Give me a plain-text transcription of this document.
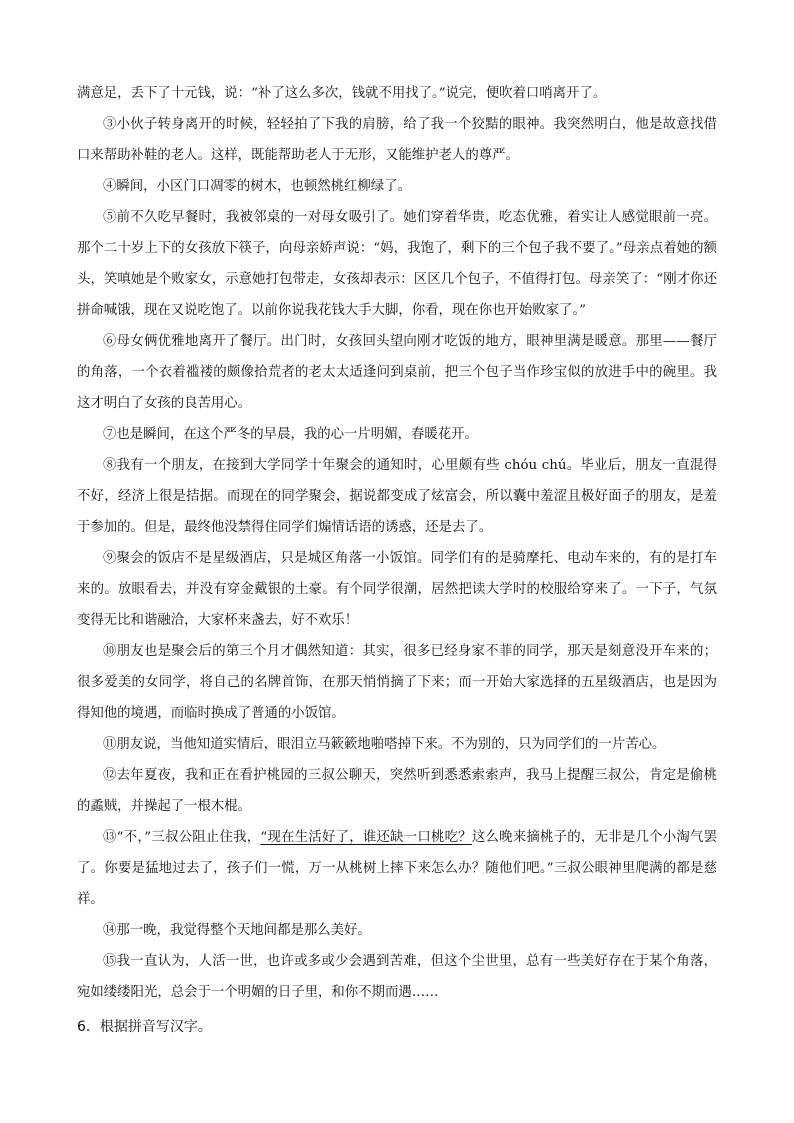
满意足，丢下了十元钱，说：“补了这么多次，钱就不用找了。”说完，便吹着口哨离开了。

③小伙子转身离开的时候，轻轻拍了下我的肩膀，给了我一个狡黠的眼神。我突然明白，他是故意找借口来帮助补鞋的老人。这样，既能帮助老人于无形，又能维护老人的尊严。

④瞬间，小区门口凋零的树木，也顿然桃红柳绿了。

⑤前不久吃早餐时，我被邻桌的一对母女吸引了。她们穿着华贵，吃态优雅，着实让人感觉眼前一亮。那个二十岁上下的女孩放下筷子，向母亲娇声说：“妈，我饱了，剩下的三个包子我不要了。”母亲点着她的额头，笑嗔她是个败家女，示意她打包带走，女孩却表示：区区几个包子，不值得打包。母亲笑了：“刚才你还拼命喊饿，现在又说吃饱了。以前你说我花钱大手大脚，你看，现在你也开始败家了。”

⑥母女俩优雅地离开了餐厅。出门时，女孩回头望向刚才吃饭的地方，眼神里满是暖意。那里——餐厅的角落，一个衣着褴褛的颇像拾荒者的老太太适逢问到桌前，把三个包子当作珍宝似的放进手中的碗里。我这才明白了女孩的良苦用心。

⑦也是瞬间，在这个严冬的早晨，我的心一片明媚，春暖花开。

⑧我有一个朋友，在接到大学同学十年聚会的通知时，心里颇有些 chóu chú。毕业后，朋友一直混得不好，经济上很是拮据。而现在的同学聚会，据说都变成了炫富会，所以囊中羞涩且极好面子的朋友，是羞于参加的。但是，最终他没禁得住同学们煽情话语的诱惑，还是去了。

⑨聚会的饭店不是星级酒店，只是城区角落一小饭馆。同学们有的是骑摩托、电动车来的，有的是打车来的。放眼看去，并没有穿金戴银的土豪。有个同学很潮，居然把读大学时的校服给穿来了。一下子，气氛变得无比和谐融洽，大家杯来盏去，好不欢乐！

⑩朋友也是聚会后的第三个月才偶然知道：其实，很多已经身家不菲的同学，那天是刻意没开车来的；很多爱美的女同学，将自己的名牌首饰，在那天悄悄摘了下来；而一开始大家选择的五星级酒店，也是因为得知他的境遇，而临时换成了普通的小饭馆。

⑪朋友说，当他知道实情后，眼泪立马簌簌地啪嗒掉下来。不为别的，只为同学们的一片苦心。

⑫去年夏夜，我和正在看护桃园的三叔公聊天，突然听到悉悉索索声，我马上提醒三叔公，肯定是偷桃的蟊贼，并操起了一根木棍。

⑬“不，”三叔公阻止住我，“现在生活好了，谁还缺一口桃吃？这么晚来摘桃子的，无非是几个小淘气罢了。你要是猛地过去了，孩子们一慌，万一从桃树上摔下来怎么办？随他们吧。”三叔公眼神里爬满的都是慈祥。

⑭那一晚，我觉得整个天地间都是那么美好。

⑮我一直认为，人活一世，也许或多或少会遇到苦难，但这个尘世里，总有一些美好存在于某个角落，宛如缕缕阳光，总会于一个明媚的日子里，和你不期而遇……

6．根据拼音写汉字。
